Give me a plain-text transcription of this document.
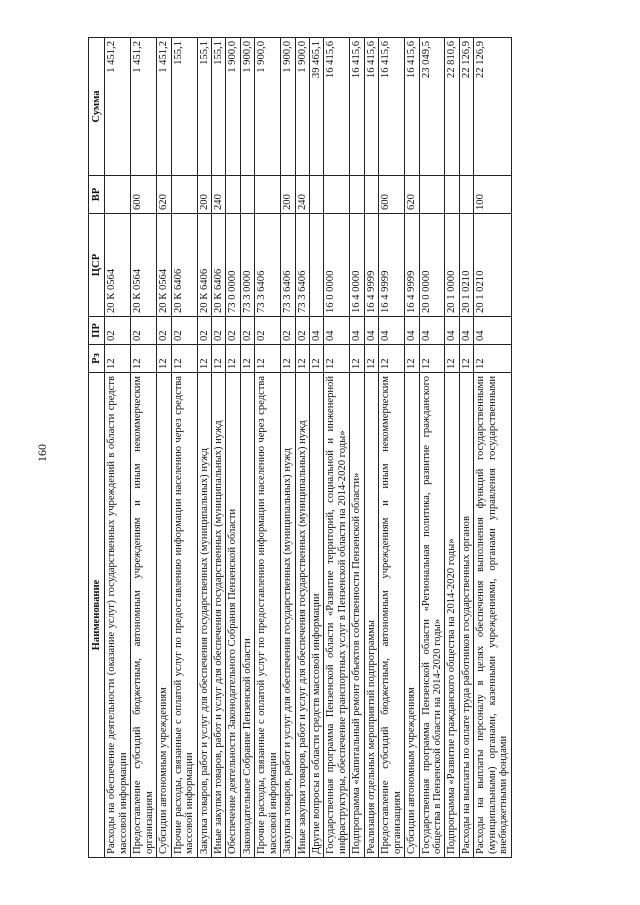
160
Наименование	Рз	ПР	ЦСР	ВР	Сумма
Расходы на обеспечение деятельности (оказание услуг) государственных учреждений в области средств массовой информации	12	02	20 К 0564		1 451,2
Предоставление субсидий бюджетным, автономным учреждениям и иным некоммерческим организациям	12	02	20 К 0564	600	1 451,2
Субсидии автономным учреждениям	12	02	20 К 0564	620	1 451,2
Прочие расходы, связанные с оплатой услуг по предоставлению информации населению через средства массовой информации	12	02	20 К 6406		155,1
Закупка товаров, работ и услуг для обеспечения государственных (муниципальных) нужд	12	02	20 К 6406	200	155,1
Иные закупки товаров, работ и услуг для обеспечения государственных (муниципальных) нужд	12	02	20 К 6406	240	155,1
Обеспечение деятельности Законодательного Собрания Пензенской области	12	02	73 0 0000		1 900,0
Законодательное Собрание Пензенской области	12	02	73 3 0000		1 900,0
Прочие расходы, связанные с оплатой услуг по предоставлению информации населению через средства массовой информации	12	02	73 3 6406		1 900,0
Закупка товаров, работ и услуг для обеспечения государственных (муниципальных) нужд	12	02	73 3 6406	200	1 900,0
Иные закупки товаров, работ и услуг для обеспечения государственных (муниципальных) нужд	12	02	73 3 6406	240	1 900,0
Другие вопросы в области средств массовой информации	12	04			39 465,1
Государственная программа Пензенской области «Развитие территорий, социальной и инженерной инфраструктуры, обеспечение транспортных услуг в Пензенской области на 2014-2020 годы»	12	04	16 0 0000		16 415,6
Подпрограмма «Капитальный ремонт объектов собственности Пензенской области»	12	04	16 4 0000		16 415,6
Реализация отдельных мероприятий подпрограммы	12	04	16 4 9999		16 415,6
Предоставление субсидий бюджетным, автономным учреждениям и иным некоммерческим организациям	12	04	16 4 9999	600	16 415,6
Субсидии автономным учреждениям	12	04	16 4 9999	620	16 415,6
Государственная программа Пензенской области «Региональная политика, развитие гражданского общества в Пензенской области на 2014-2020 годы»	12	04	20 0 0000		23 049,5
Подпрограмма «Развитие гражданского общества на 2014-2020 годы»	12	04	20 1 0000		22 810,6
Расходы на выплаты по оплате труда работников государственных органов	12	04	20 1 0210		22 126,9
Расходы на выплаты персоналу в целях обеспечения выполнения функций государственными (муниципальными) органами, казенными учреждениями, органами управления государственными внебюджетными фондами	12	04	20 1 0210	100	22 126,9
